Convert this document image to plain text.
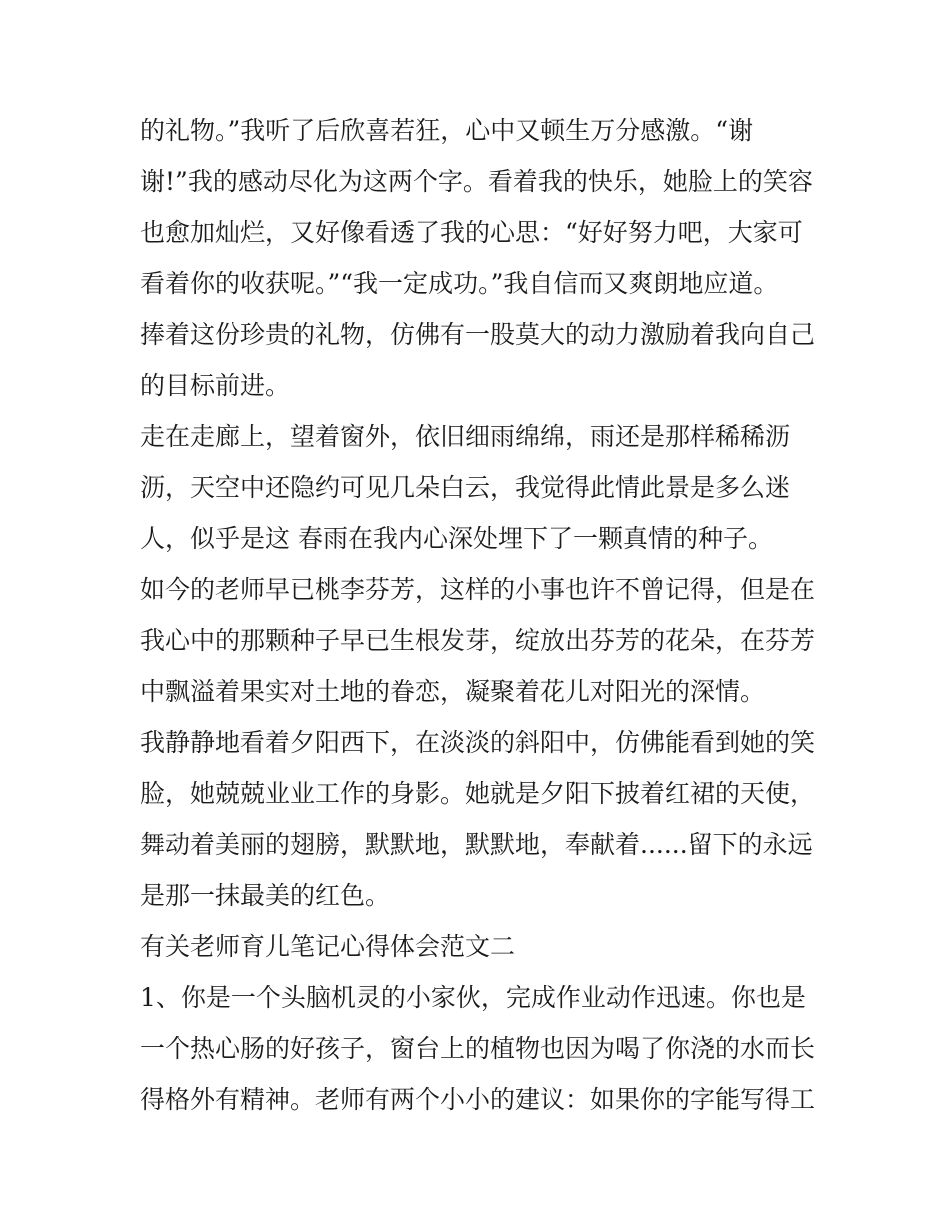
的礼物。”我听了后欣喜若狂，心中又顿生万分感激。“谢
谢!”我的感动尽化为这两个字。看着我的快乐，她脸上的笑容
也愈加灿烂，又好像看透了我的心思：“好好努力吧，大家可
看着你的收获呢。”“我一定成功。”我自信而又爽朗地应道。
捧着这份珍贵的礼物，仿佛有一股莫大的动力激励着我向自己
的目标前进。
走在走廊上，望着窗外，依旧细雨绵绵，雨还是那样稀稀沥
沥，天空中还隐约可见几朵白云，我觉得此情此景是多么迷
人，似乎是这 春雨在我内心深处埋下了一颗真情的种子。
如今的老师早已桃李芬芳，这样的小事也许不曾记得，但是在
我心中的那颗种子早已生根发芽，绽放出芬芳的花朵，在芬芳
中飘溢着果实对土地的眷恋，凝聚着花儿对阳光的深情。
我静静地看着夕阳西下，在淡淡的斜阳中，仿佛能看到她的笑
脸，她兢兢业业工作的身影。她就是夕阳下披着红裙的天使，
舞动着美丽的翅膀，默默地，默默地，奉献着......留下的永远
是那一抹最美的红色。
有关老师育儿笔记心得体会范文二
1、你是一个头脑机灵的小家伙，完成作业动作迅速。你也是
一个热心肠的好孩子，窗台上的植物也因为喝了你浇的水而长
得格外有精神。老师有两个小小的建议：如果你的字能写得工
